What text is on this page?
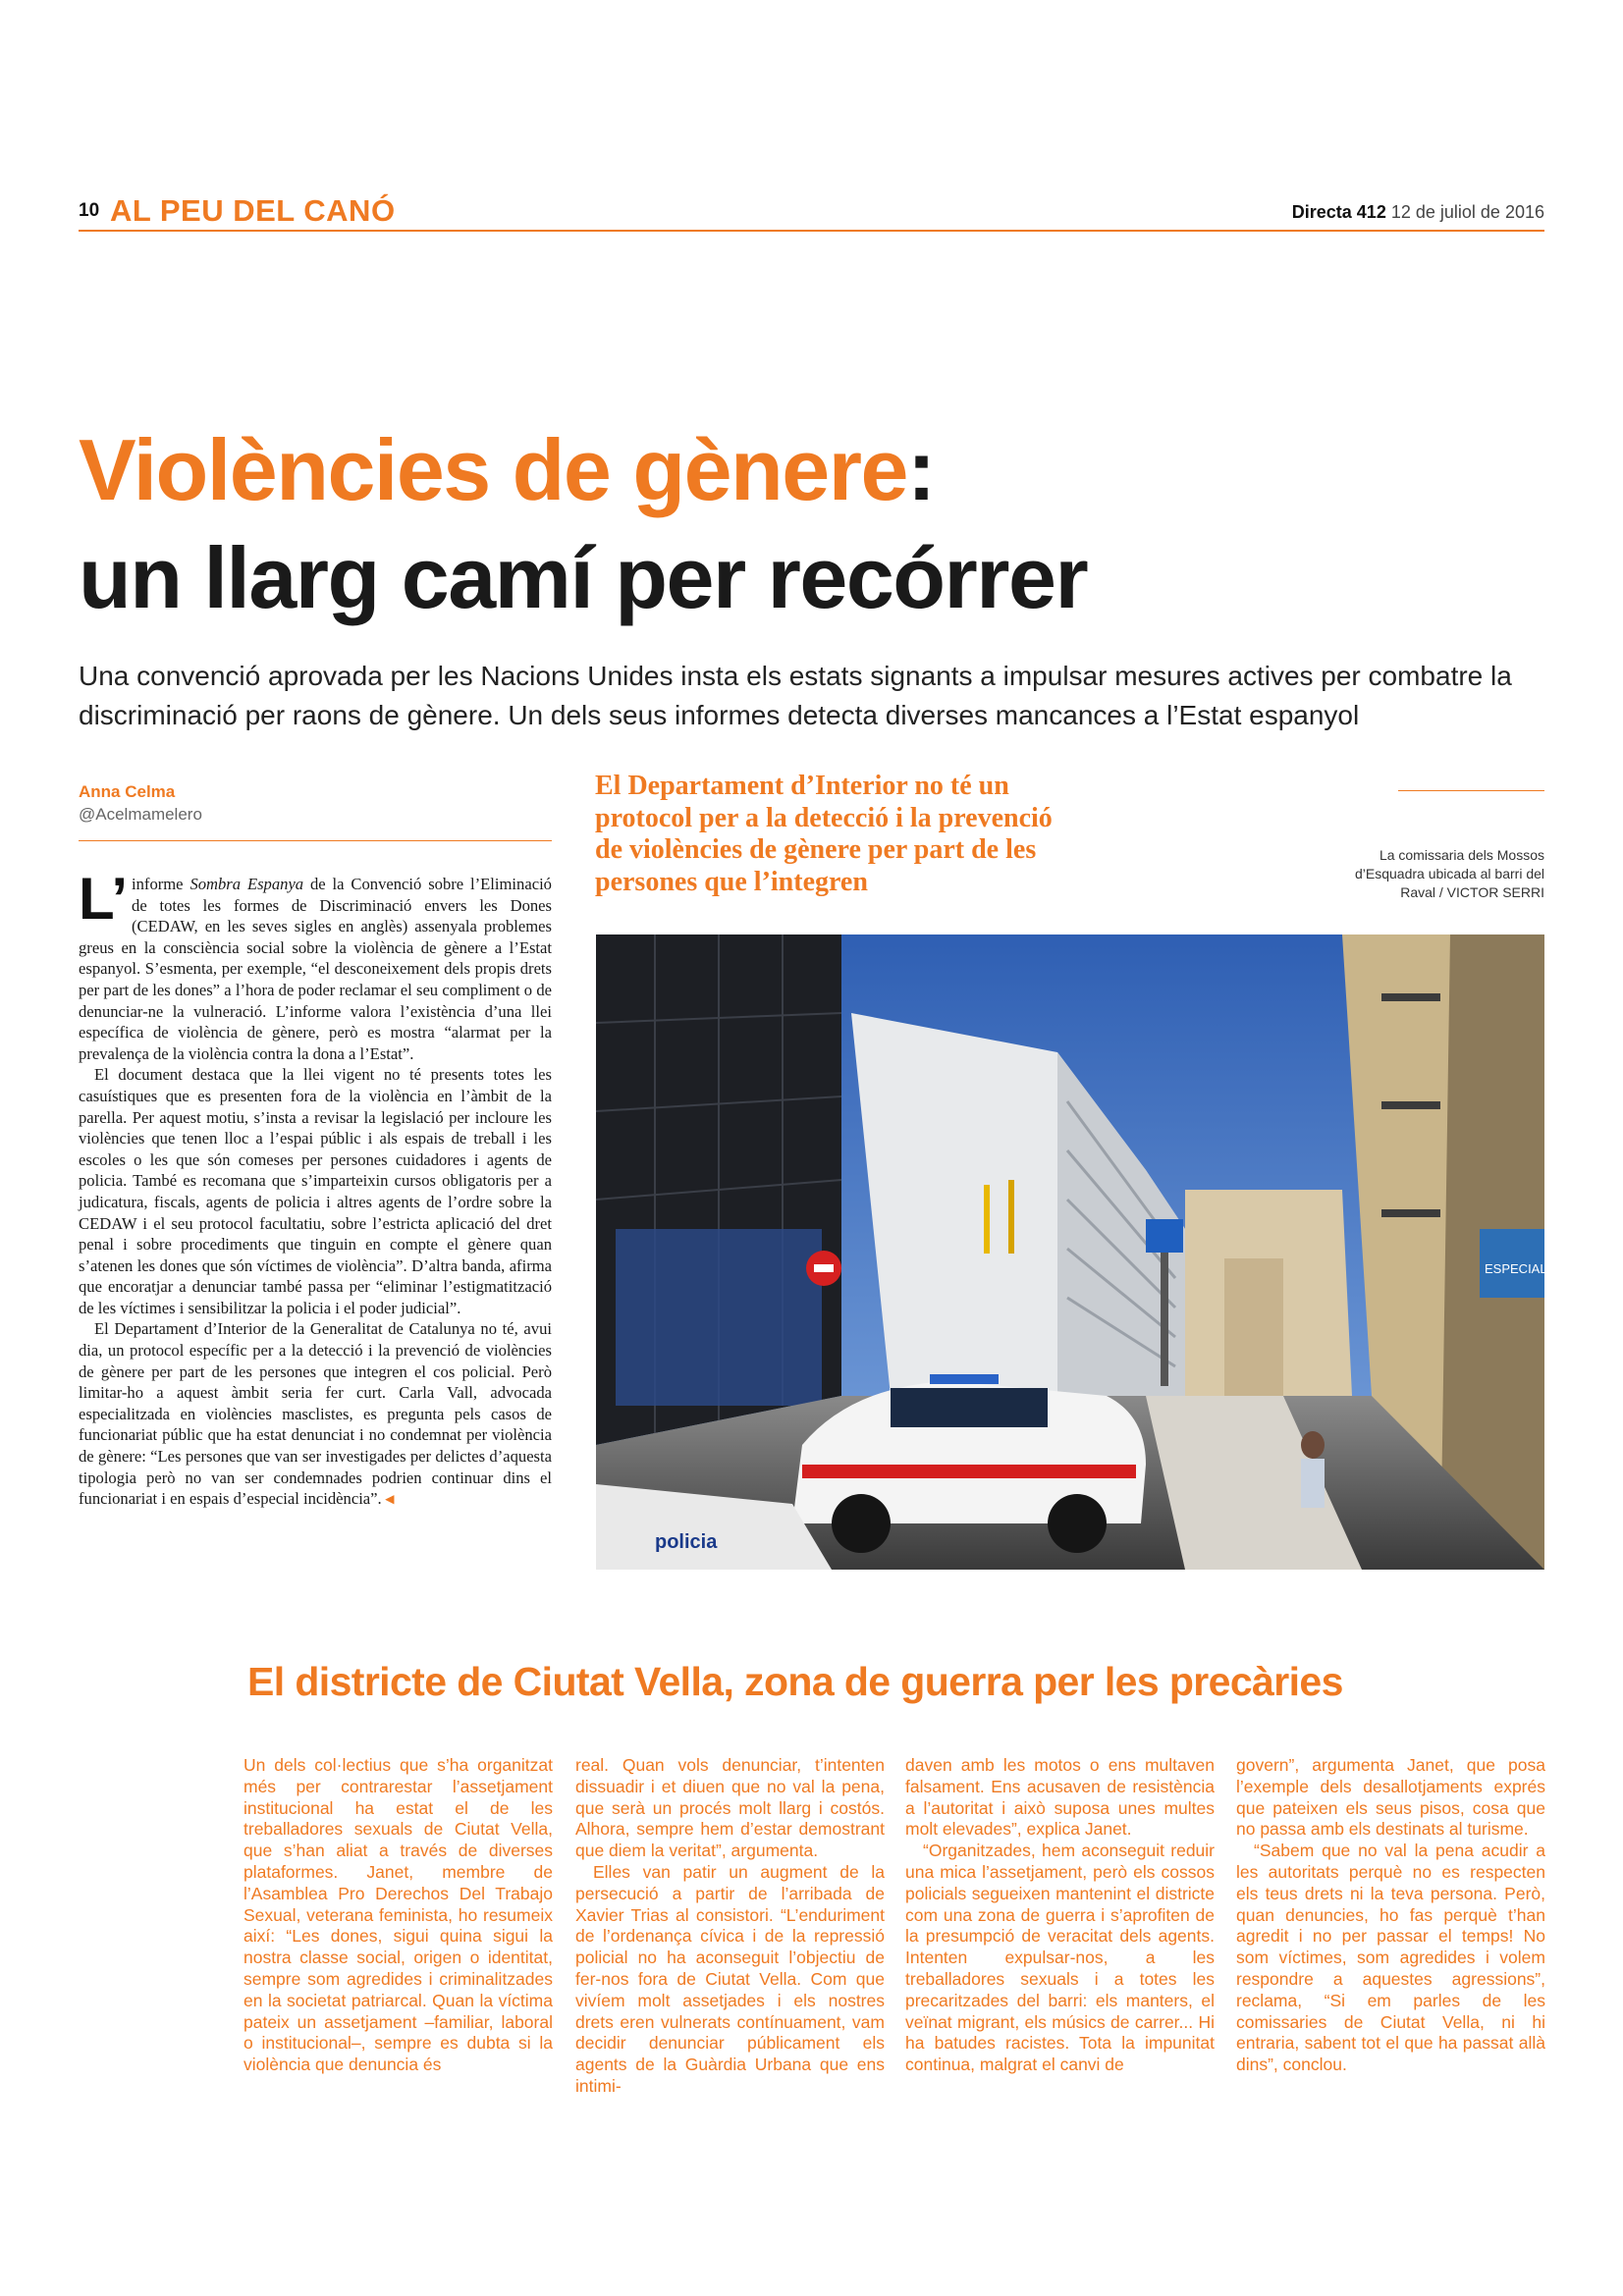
10 AL PEU DEL CANÓ	Directa 412 12 de juliol de 2016
Violències de gènere:
un llarg camí per recórrer
Una convenció aprovada per les Nacions Unides insta els estats signants a impulsar mesures actives per combatre la discriminació per raons de gènere. Un dels seus informes detecta diverses mancances a l’Estat espanyol
Anna Celma
@Acelmamelero

L’ informe Sombra Espanya de la Convenció sobre l’Eliminació de totes les formes de Discriminació envers les Dones (CEDAW, en les seves sigles en anglès) assenyala problemes greus en la consciència social sobre la violència de gènere a l’Estat espanyol. S’esmenta, per exemple, “el desconeixement dels propis drets per part de les dones” a l’hora de poder reclamar el seu compliment o de denunciar-ne la vulneració. L’informe valora l’existència d’una llei específica de violència de gènere, però es mostra “alarmat per la prevalença de la violència contra la dona a l’Estat”.

El document destaca que la llei vigent no té presents totes les casuístiques que es presenten fora de la violència en l’àmbit de la parella. Per aquest motiu, s’insta a revisar la legislació per incloure les violències que tenen lloc a l’espai públic i als espais de treball i les escoles o les que són comeses per persones cuidadores i agents de policia. També es recomana que s’imparteixin cursos obligatoris per a judicatura, fiscals, agents de policia i altres agents de l’ordre sobre la CEDAW i el seu protocol facultatiu, sobre l’estricta aplicació del dret penal i sobre procediments que tinguin en compte el gènere quan s’atenen les dones que són víctimes de violència”. D’altra banda, afirma que encoratjar a denunciar també passa per “eliminar l’estigmatització de les víctimes i sensibilitzar la policia i el poder judicial”.

El Departament d’Interior de la Generalitat de Catalunya no té, avui dia, un protocol específic per a la detecció i la prevenció de violències de gènere per part de les persones que integren el cos policial. Però limitar-ho a aquest àmbit seria fer curt. Carla Vall, advocada especialitzada en violències masclistes, es pregunta pels casos de funcionariat públic que ha estat denunciat i no condemnat per violència de gènere: “Les persones que van ser investigades per delictes d’aquesta tipologia però no van ser condemnades podrien continuar dins el funcionariat i en espais d’especial incidència”. ◂

El Departament d’Interior no té un protocol per a la detecció i la prevenció de violències de gènere per part de les persones que l’integren
La comissaria dels Mossos d’Esquadra ubicada al barri del Raval / VICTOR SERRI
ESPECIALS
policia
El districte de Ciutat Vella, zona de guerra per les precàries

Un dels col·lectius que s’ha organitzat més per contrarestar l’assetjament institucional ha estat el de les treballadores sexuals de Ciutat Vella, que s’han aliat a través de diverses plataformes. Janet, membre de l’Asamblea Pro Derechos Del Trabajo Sexual, veterana feminista, ho resumeix així: “Les dones, sigui quina sigui la nostra classe social, origen o identitat, sempre som agredides i criminalitzades en la societat patriarcal. Quan la víctima pateix un assetjament –familiar, laboral o institucional–, sempre es dubta si la violència que denuncia és

real. Quan vols denunciar, t’intenten dissuadir i et diuen que no val la pena, que serà un procés molt llarg i costós. Alhora, sempre hem d’estar demostrant que diem la veritat”, argumenta.

Elles van patir un augment de la persecució a partir de l’arribada de Xavier Trias al consistori. “L’enduriment de l’ordenança cívica i de la repressió policial no ha aconseguit l’objectiu de fer-nos fora de Ciutat Vella. Com que vivíem molt assetjades i els nostres drets eren vulnerats contínuament, vam decidir denunciar públicament els agents de la Guàrdia Urbana que ens intimi-

daven amb les motos o ens multaven falsament. Ens acusaven de resistència a l’autoritat i això suposa unes multes molt elevades”, explica Janet.

“Organitzades, hem aconseguit reduir una mica l’assetjament, però els cossos policials segueixen mantenint el districte com una zona de guerra i s’aprofiten de la presumpció de veracitat dels agents. Intenten expulsar-nos, a les treballadores sexuals i a totes les precaritzades del barri: els manters, el veïnat migrant, els músics de carrer... Hi ha batudes racistes. Tota la impunitat continua, malgrat el canvi de

govern”, argumenta Janet, que posa l’exemple dels desallotjaments exprés que pateixen els seus pisos, cosa que no passa amb els destinats al turisme.

“Sabem que no val la pena acudir a les autoritats perquè no es respecten els teus drets ni la teva persona. Però, quan denuncies, ho fas perquè t’han agredit i no per passar el temps! No som víctimes, som agredides i volem respondre a aquestes agressions”, reclama, “Si em parles de les comissaries de Ciutat Vella, ni hi entraria, sabent tot el que ha passat allà dins”, conclou.
